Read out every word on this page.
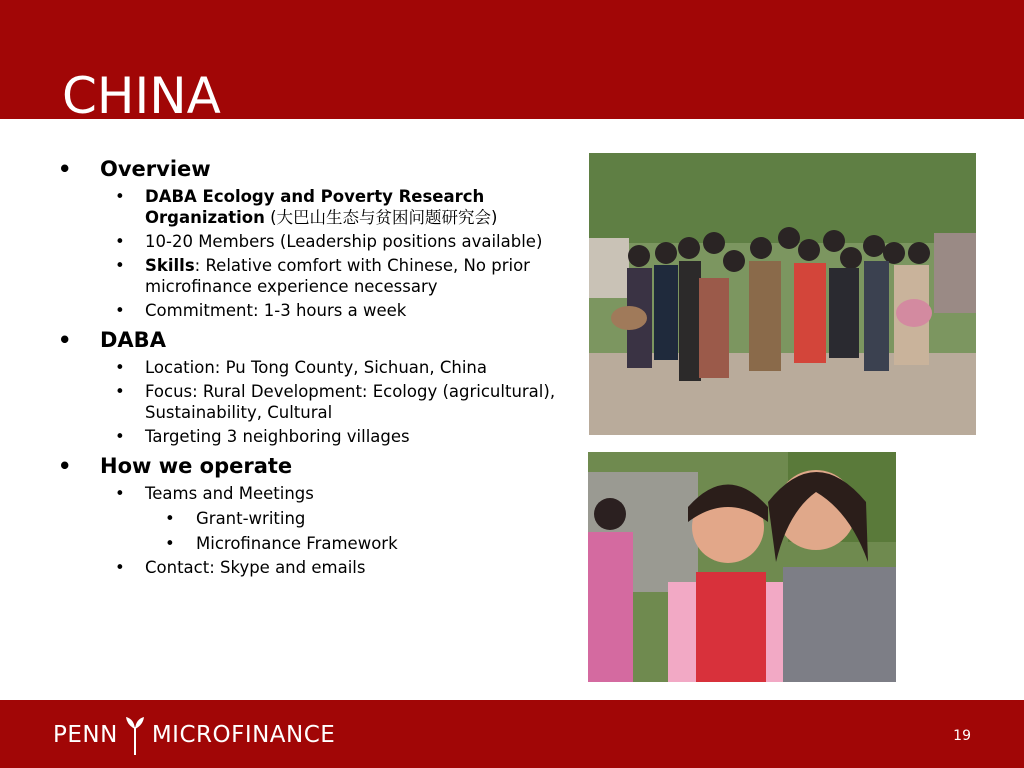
CHINA
• Overview
• DABA Ecology and Poverty Research Organization (大巴山生态与贫困问题研究会)
• 10-20 Members (Leadership positions available)
• Skills: Relative comfort with Chinese, No prior microfinance experience necessary
• Commitment: 1-3 hours a week
• DABA
• Location: Pu Tong County, Sichuan, China
• Focus: Rural Development: Ecology (agricultural), Sustainability, Cultural
• Targeting 3 neighboring villages
• How we operate
• Teams and Meetings
• Grant-writing
• Microfinance Framework
• Contact: Skype and emails
PENN MICROFINANCE	19
